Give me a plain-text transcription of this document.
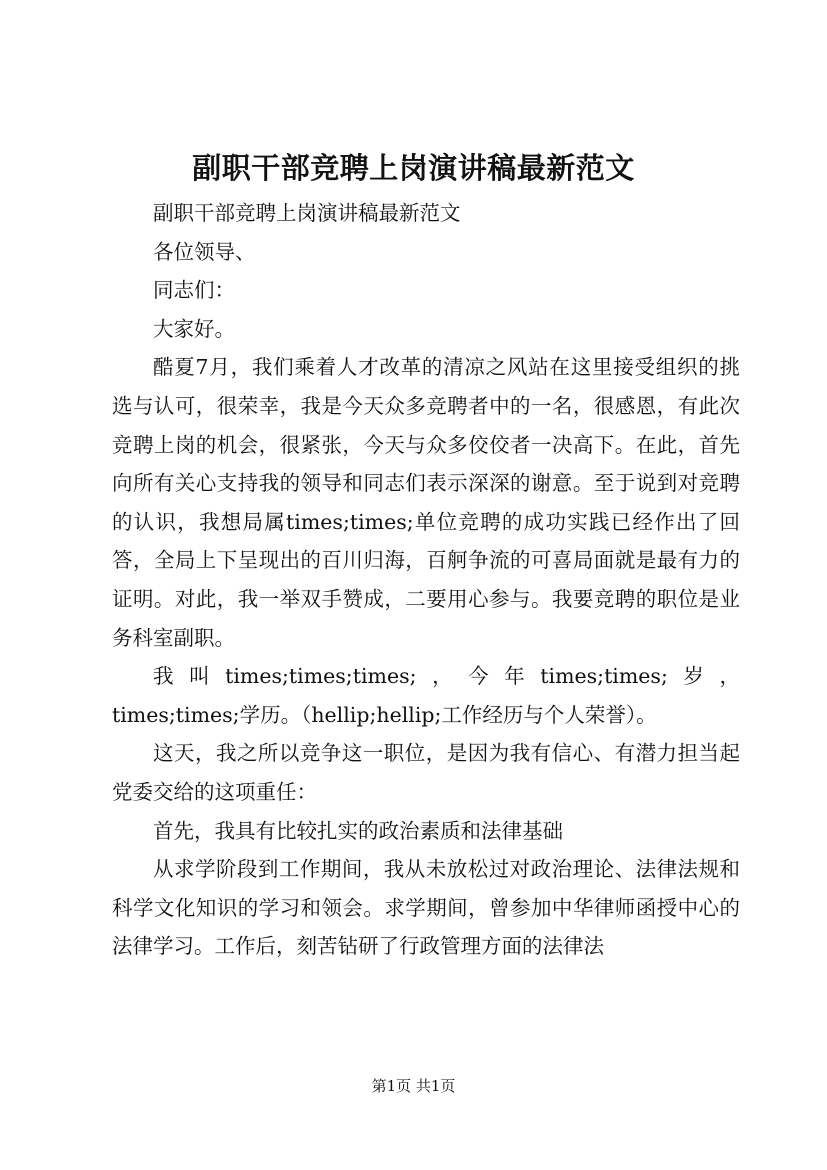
副职干部竞聘上岗演讲稿最新范文

副职干部竞聘上岗演讲稿最新范文

各位领导、

同志们：

大家好。

酷夏7月，我们乘着人才改革的清凉之风站在这里接受组织的挑选与认可，很荣幸，我是今天众多竞聘者中的一名，很感恩，有此次竞聘上岗的机会，很紧张，今天与众多佼佼者一决高下。在此，首先向所有关心支持我的领导和同志们表示深深的谢意。至于说到对竞聘的认识，我想局属times;times;单位竞聘的成功实践已经作出了回答，全局上下呈现出的百川归海，百舸争流的可喜局面就是最有力的证明。对此，我一举双手赞成，二要用心参与。我要竞聘的职位是业务科室副职。

我叫times;times;times;，今年times;times;岁，times;times;学历。（hellip;hellip;工作经历与个人荣誉）。

这天，我之所以竞争这一职位，是因为我有信心、有潜力担当起党委交给的这项重任：

首先，我具有比较扎实的政治素质和法律基础

从求学阶段到工作期间，我从未放松过对政治理论、法律法规和科学文化知识的学习和领会。求学期间，曾参加中华律师函授中心的法律学习。工作后，刻苦钻研了行政管理方面的法律法

第1页 共1页
